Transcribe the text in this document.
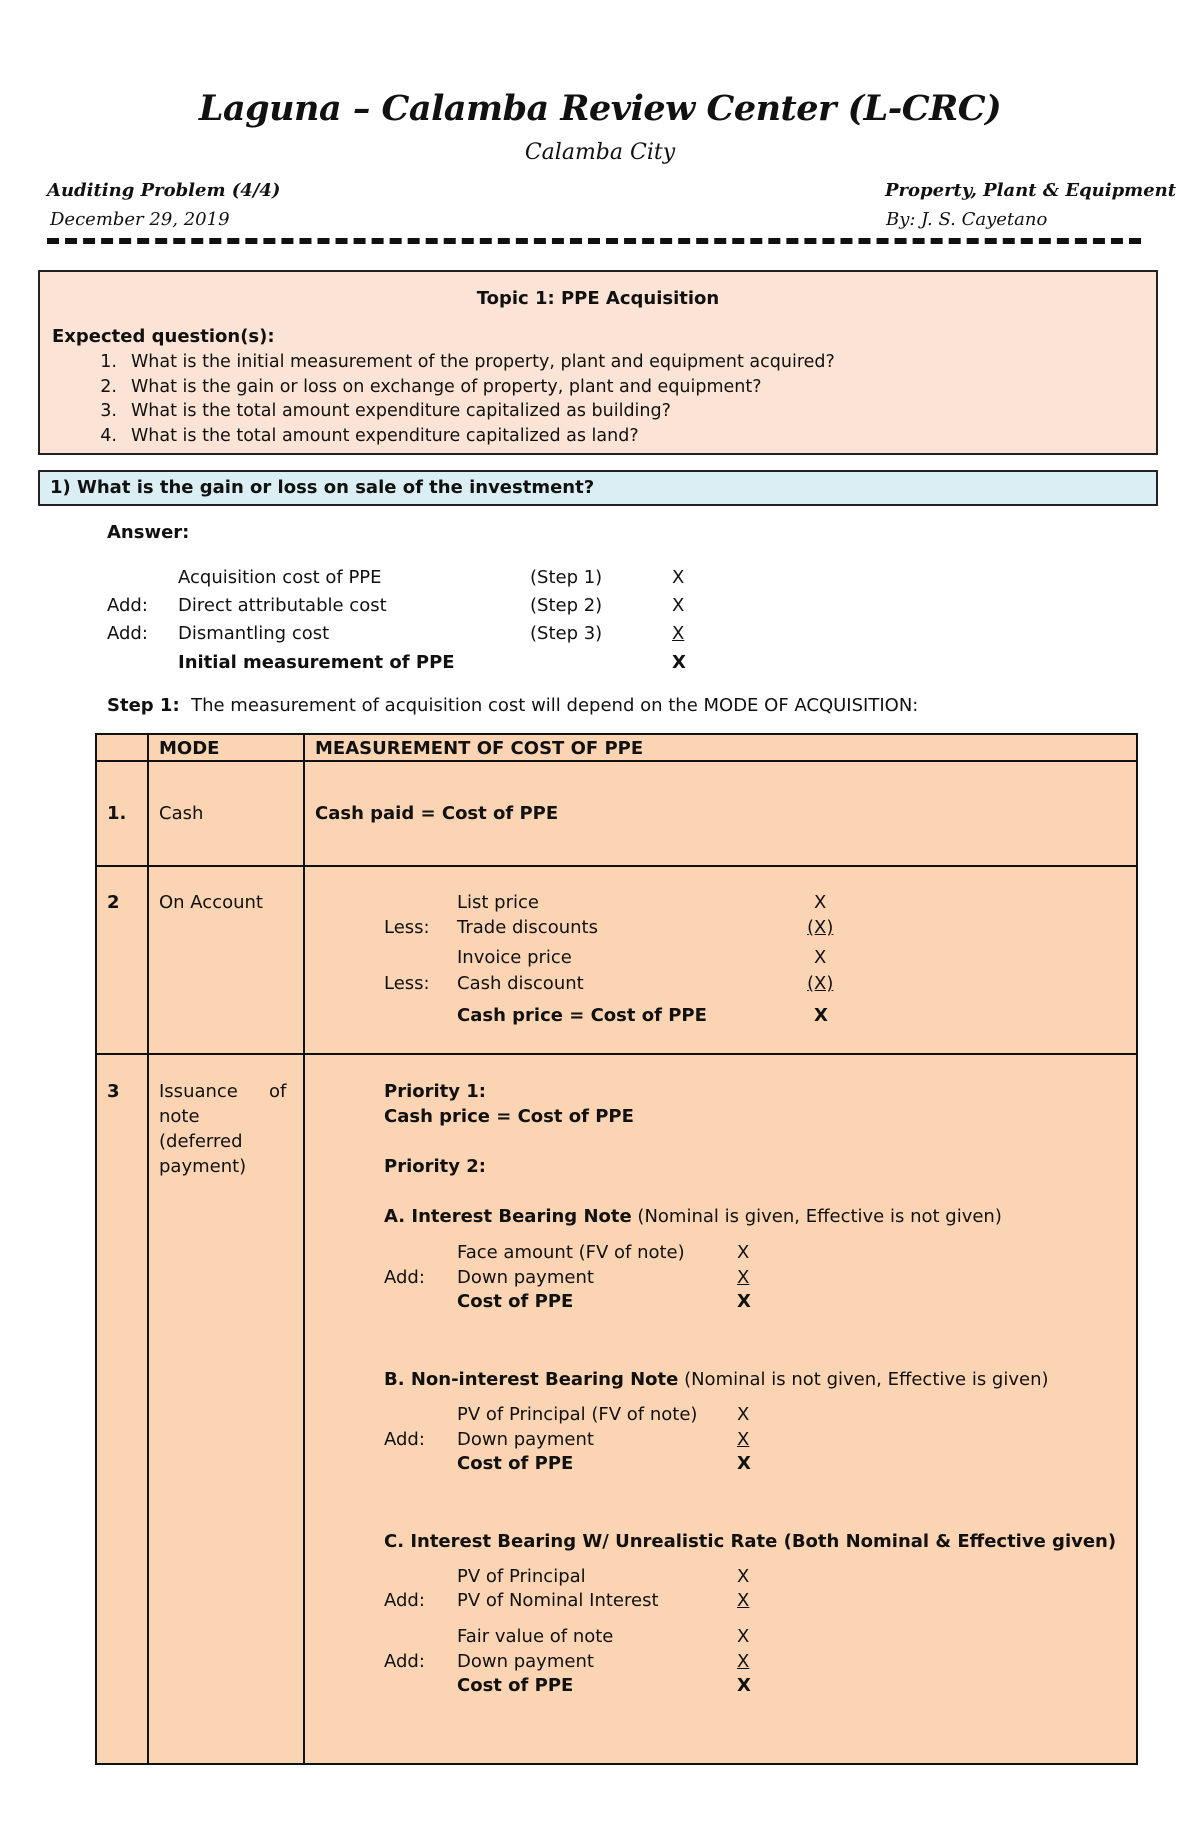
Laguna – Calamba Review Center (L-CRC)
Calamba City
Auditing Problem (4/4)
December 29, 2019
Property, Plant & Equipment
By: J. S. Cayetano
Topic 1: PPE Acquisition
Expected question(s):
1. What is the initial measurement of the property, plant and equipment acquired?
2. What is the gain or loss on exchange of property, plant and equipment?
3. What is the total amount expenditure capitalized as building?
4. What is the total amount expenditure capitalized as land?
1) What is the gain or loss on sale of the investment?
Answer:
Acquisition cost of PPE	(Step 1)	X
Add: Direct attributable cost	(Step 2)	X
Add: Dismantling cost	(Step 3)	X
Initial measurement of PPE	X
Step 1: The measurement of acquisition cost will depend on the MODE OF ACQUISITION:
MODE	MEASUREMENT OF COST OF PPE
1. Cash	Cash paid = Cost of PPE
2 On Account	List price	X
Less: Trade discounts	(X)
Invoice price	X
Less: Cash discount	(X)
Cash price = Cost of PPE	X
3 Issuance of
note
(deferred
payment)
Priority 1:
Cash price = Cost of PPE
Priority 2:
A. Interest Bearing Note (Nominal is given, Effective is not given)
Face amount (FV of note)	X
Add: Down payment	X
Cost of PPE	X
B. Non-interest Bearing Note (Nominal is not given, Effective is given)
PV of Principal (FV of note) X
Add: Down payment	X
Cost of PPE	X
C. Interest Bearing W/ Unrealistic Rate (Both Nominal & Effective given)
PV of Principal	X
Add: PV of Nominal Interest	X
Fair value of note	X
Add: Down payment	X
Cost of PPE	X
